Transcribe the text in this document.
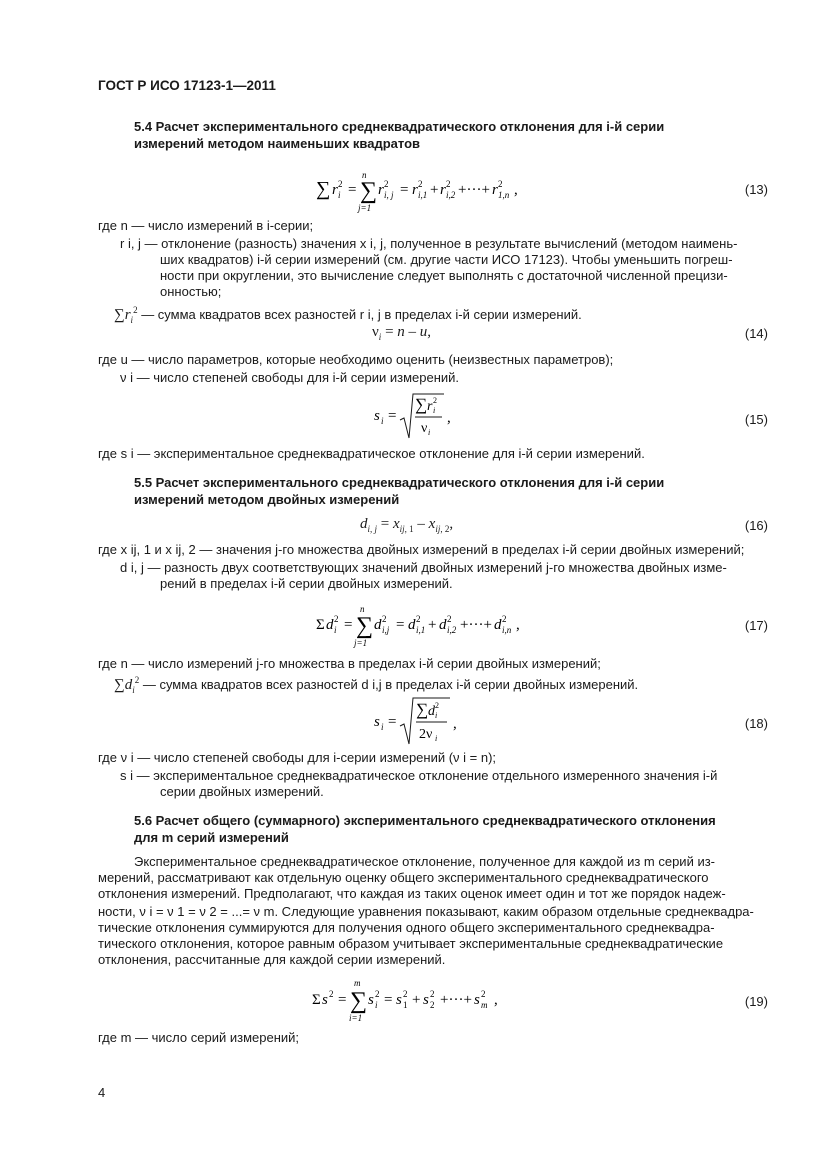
ГОСТ Р ИСО 17123-1—2011
5.4 Расчет экспериментального среднеквадратического отклонения для i-й серии
измерений методом наименьших квадратов
∑ r i
2 =
n
∑
j=1
r i, j
2 = r i,1
2 + r i,2
2 +···+ r 1,n
2 ,	(13)
где n — число измерений в i-серии;
r i, j — отклонение (разность) значения x i, j, полученное в результате вычислений (методом наимень-
ших квадратов) i-й серии измерений (см. другие части ИСО 17123). Чтобы уменьшить погреш-
ности при округлении, это вычисление следует выполнять с достаточной численной прецизи-
онностью;
$\sum r_i^2$ — сумма квадратов всех разностей r i, j в пределах i-й серии измерений.
$\nu_i = n - u$,	(14)
где u — число параметров, которые необходимо оценить (неизвестных параметров);
ν i — число степеней свободы для i-й серии измерений.
s i =
∑ r i
2
ν i
,	(15)
где s i — экспериментальное среднеквадратическое отклонение для i-й серии измерений.
5.5 Расчет экспериментального среднеквадратического отклонения для i-й серии
измерений методом двойных измерений
$d_{i, j} = x_{ij, 1} - x_{ij, 2}$,	(16)
где x ij, 1 и x ij, 2 — значения j-го множества двойных измерений в пределах i-й серии двойных измерений;
d i, j — разность двух соответствующих значений двойных измерений j-го множества двойных изме-
рений в пределах i-й серии двойных измерений.
Σ d i
2 =
n
∑
j=1
d i,j
2 = d i,1
2 + d i,2
2 +···+ d i,n
2 ,	(17)
где n — число измерений j-го множества в пределах i-й серии двойных измерений;
$\sum d_i^2$ — сумма квадратов всех разностей d i,j в пределах i-й серии двойных измерений.
s i =
∑ d i
2
2ν i
,	(18)
где ν i — число степеней свободы для i-серии измерений (ν i = n);
s i — экспериментальное среднеквадратическое отклонение отдельного измеренного значения i-й
серии двойных измерений.
5.6 Расчет общего (суммарного) экспериментального среднеквадратического отклонения
для m серий измерений
Экспериментальное среднеквадратическое отклонение, полученное для каждой из m серий из-
мерений, рассматривают как отдельную оценку общего экспериментального среднеквадратического
отклонения измерений. Предполагают, что каждая из таких оценок имеет один и тот же порядок надеж-
ности, ν i = ν 1 = ν 2 = ...= ν m. Следующие уравнения показывают, каким образом отдельные среднеквадра-
тические отклонения суммируются для получения одного общего экспериментального среднеквадра-
тического отклонения, которое равным образом учитывает экспериментальные среднеквадратические
отклонения, рассчитанные для каждой серии измерений.
Σ s 2 =
m
∑
i=1
s i
2 = s 1
2 + s 2
2 +···+ s m
2 ,	(19)
где m — число серий измерений;
4
